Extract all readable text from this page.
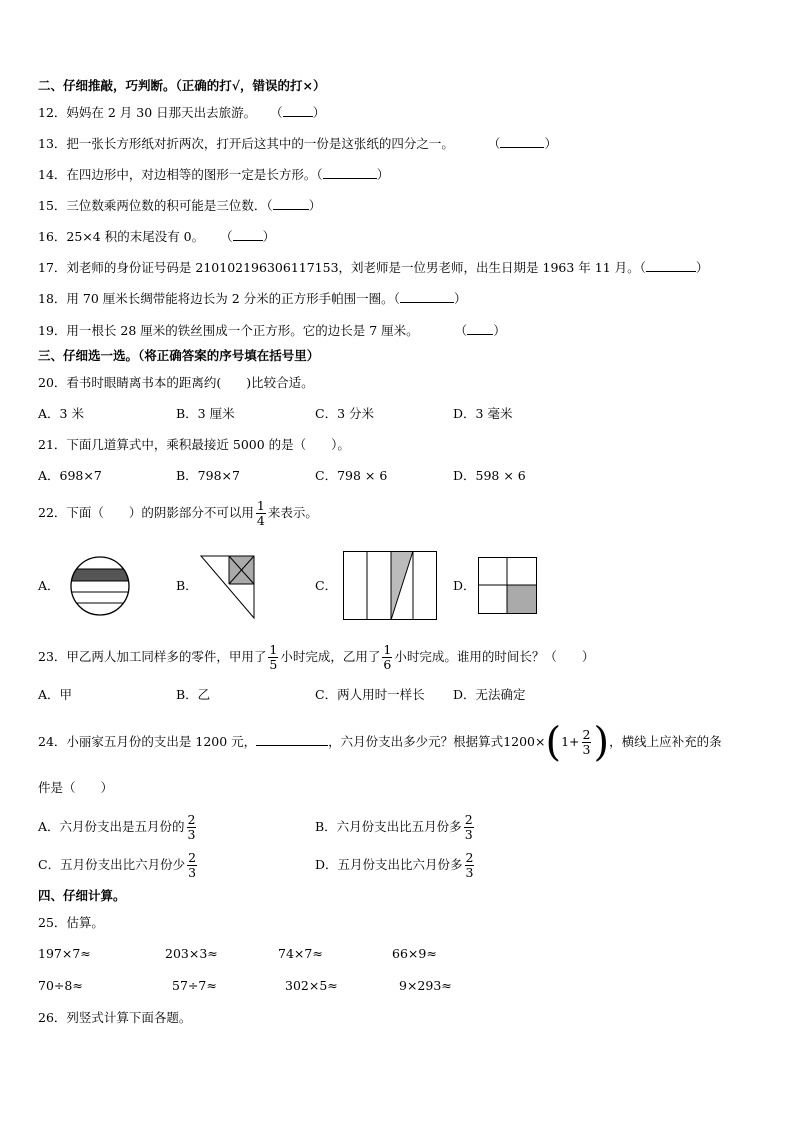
二、仔细推敲，巧判断。（正确的打√，错误的打×）
12．妈妈在 2 月 30 日那天出去旅游。 （ ）
13．把一张长方形纸对折两次，打开后这其中的一份是这张纸的四分之一。	（	）
14．在四边形中，对边相等的图形一定是长方形。（	）
15．三位数乘两位数的积可能是三位数．（	）
16．25×4 积的末尾没有 0。 （ ）
17．刘老师的身份证号码是 210102196306117153，刘老师是一位男老师，出生日期是 1963 年 11 月。（	）
18．用 70 厘米长绸带能将边长为 2 分米的正方形手帕围一圈。（	）
19．用一根长 28 厘米的铁丝围成一个正方形。它的边长是 7 厘米。	（ ）
三、仔细选一选。（将正确答案的序号填在括号里）
20．看书时眼睛离书本的距离约(　　)比较合适。
A．3 米	B．3 厘米	C．3 分米	D．3 毫米
21．下面几道算式中，乘积最接近 5000 的是（　　）。
A．698×7	B．798×7	C．798 × 6	D．598 × 6
22．下面（　　）的阴影部分不可以用 $\frac{1}{4}$ 来表示。
A．	B．	C．	D．
23．甲乙两人加工同样多的零件，甲用了 $\frac{1}{5}$ 小时完成，乙用了 $\frac{1}{6}$ 小时完成。谁用的时间长？（　　）
A．甲	B．乙	C．两人用时一样长 D．无法确定
24．小丽家五月份的支出是 1200 元，	，六月份支出多少元？根据算式$1200\times(1+ \frac{2}{3}$ )，横线上应补充的条
件是（　　）
A．六月份支出是五月份的 $\frac{2}{3}$	B．六月份支出比五月份多 $\frac{2}{3}$
C．五月份支出比六月份少 $\frac{2}{3}$	D．五月份支出比六月份多 $\frac{2}{3}$
四、仔细计算。
25．估算。
197×7≈	203×3≈	74×7≈	66×9≈
70÷8≈	57÷7≈	302×5≈	9×293≈
26．列竖式计算下面各题。
